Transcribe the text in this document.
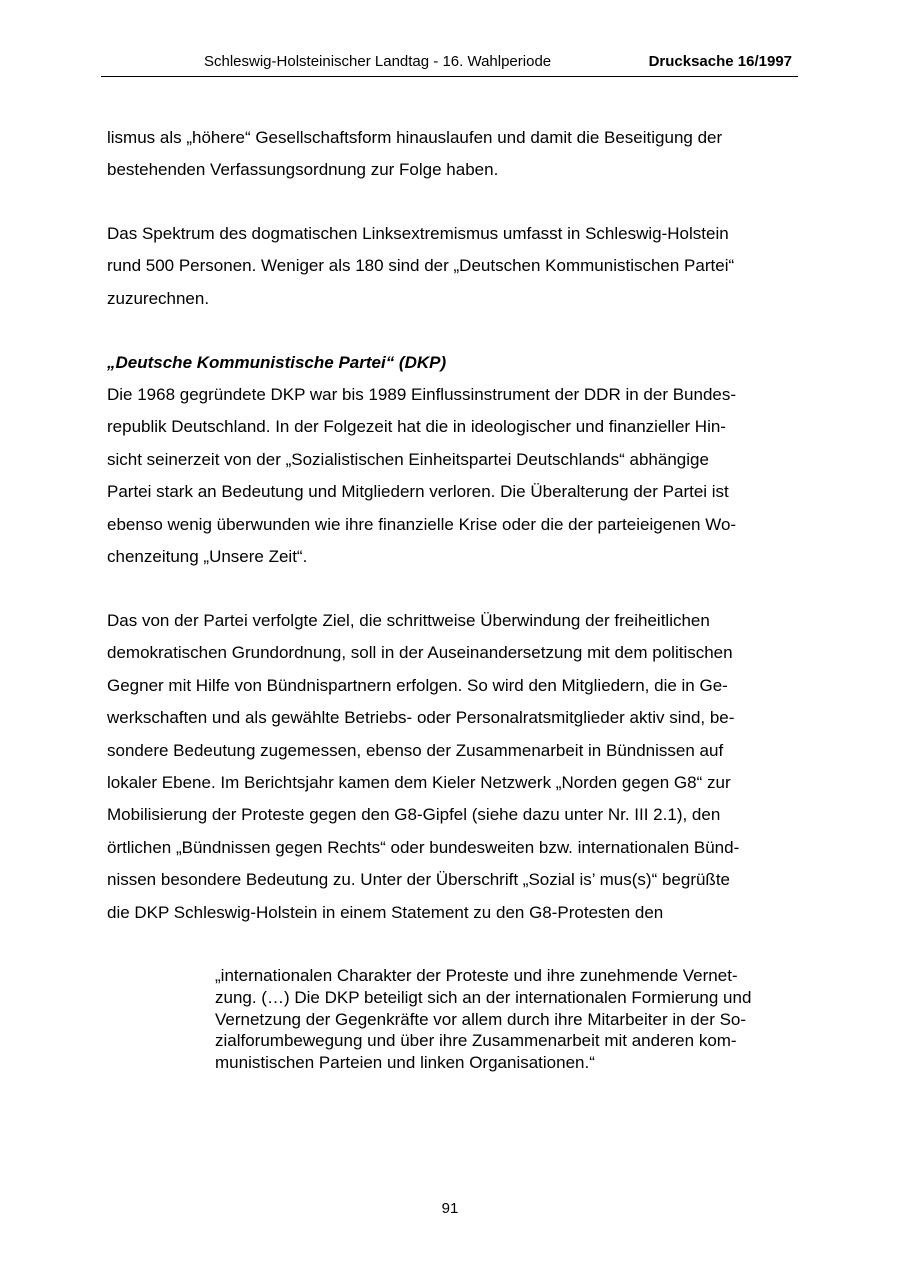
Schleswig-Holsteinischer Landtag - 16. Wahlperiode	Drucksache 16/1997
lismus als „höhere“ Gesellschaftsform hinauslaufen und damit die Beseitigung der
bestehenden Verfassungsordnung zur Folge haben.
Das Spektrum des dogmatischen Linksextremismus umfasst in Schleswig-Holstein
rund 500 Personen. Weniger als 180 sind der „Deutschen Kommunistischen Partei“
zuzurechnen.
„Deutsche Kommunistische Partei“ (DKP)
Die 1968 gegründete DKP war bis 1989 Einflussinstrument der DDR in der Bundes-
republik Deutschland. In der Folgezeit hat die in ideologischer und finanzieller Hin-
sicht seinerzeit von der „Sozialistischen Einheitspartei Deutschlands“ abhängige
Partei stark an Bedeutung und Mitgliedern verloren. Die Überalterung der Partei ist
ebenso wenig überwunden wie ihre finanzielle Krise oder die der parteieigenen Wo-
chenzeitung „Unsere Zeit“.
Das von der Partei verfolgte Ziel, die schrittweise Überwindung der freiheitlichen
demokratischen Grundordnung, soll in der Auseinandersetzung mit dem politischen
Gegner mit Hilfe von Bündnispartnern erfolgen. So wird den Mitgliedern, die in Ge-
werkschaften und als gewählte Betriebs- oder Personalratsmitglieder aktiv sind, be-
sondere Bedeutung zugemessen, ebenso der Zusammenarbeit in Bündnissen auf
lokaler Ebene. Im Berichtsjahr kamen dem Kieler Netzwerk „Norden gegen G8“ zur
Mobilisierung der Proteste gegen den G8-Gipfel (siehe dazu unter Nr. III 2.1), den
örtlichen „Bündnissen gegen Rechts“ oder bundesweiten bzw. internationalen Bünd-
nissen besondere Bedeutung zu. Unter der Überschrift „Sozial is’ mus(s)“ begrüßte
die DKP Schleswig-Holstein in einem Statement zu den G8-Protesten den
„internationalen Charakter der Proteste und ihre zunehmende Vernet-
zung. (…) Die DKP beteiligt sich an der internationalen Formierung und
Vernetzung der Gegenkräfte vor allem durch ihre Mitarbeiter in der So-
zialforumbewegung und über ihre Zusammenarbeit mit anderen kom-
munistischen Parteien und linken Organisationen.“
91
